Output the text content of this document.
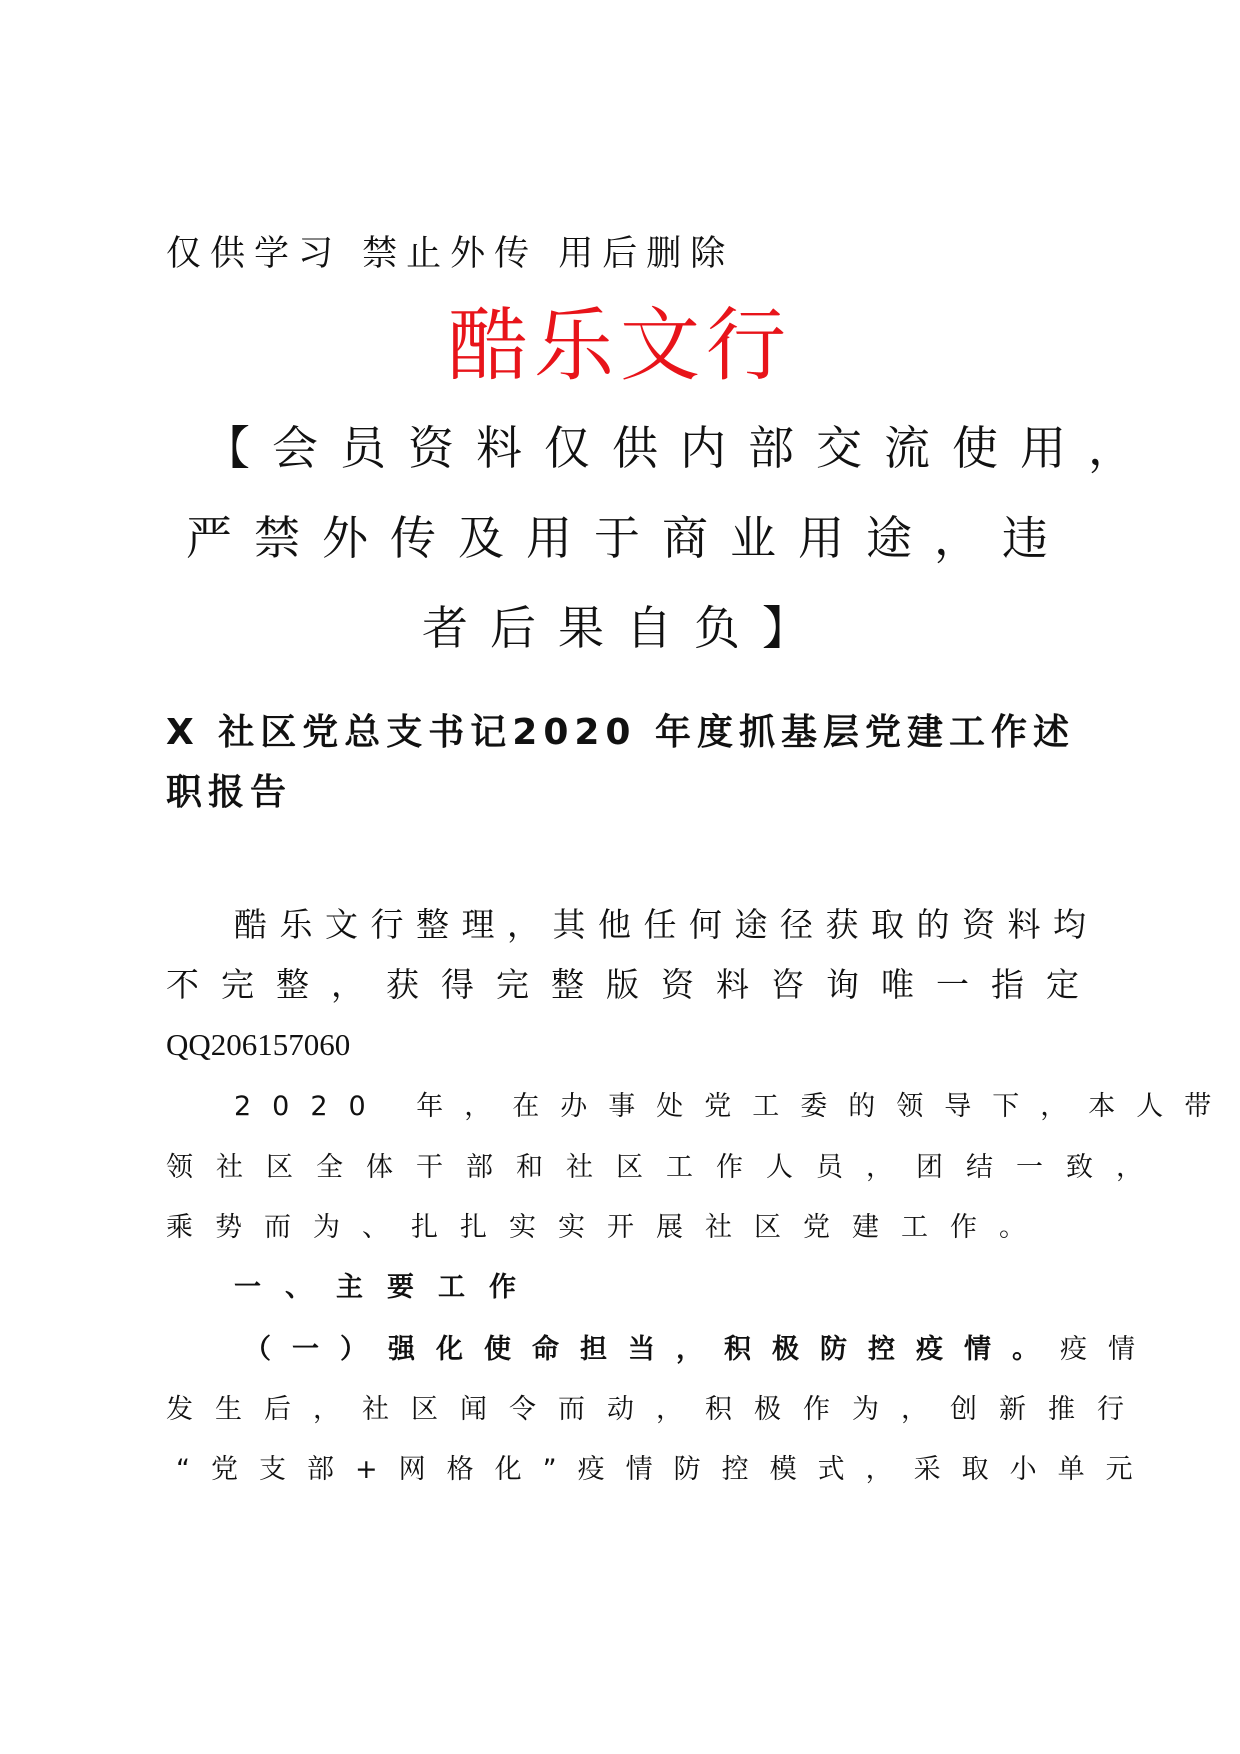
仅供学习 禁止外传 用后删除
酷乐文行
【会员资料仅供内部交流使用，
严禁外传及用于商业用途，违
者后果自负】
X 社区党总支书记2020 年度抓基层党建工作述
职报告
酷乐文行整理，其他任何途径获取的资料均
不完整，获得完整版资料咨询唯一指定
QQ206157060
2020 年，在办事处党工委的领导下，本人带
领社区全体干部和社区工作人员，团结一致，
乘势而为、扎扎实实开展社区党建工作。
一、主要工作
（一）强化使命担当，积极防控疫情。疫情
发生后，社区闻令而动，积极作为，创新推行
“党支部+网格化”疫情防控模式，采取小单元
